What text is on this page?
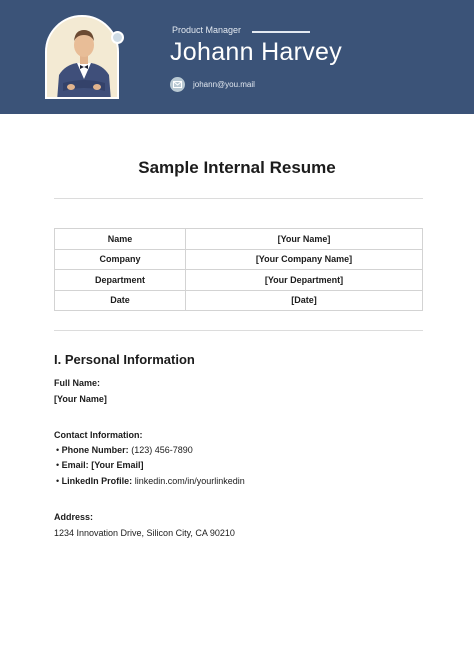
Product Manager
Johann Harvey
johann@you.mail
Sample Internal Resume
Name	[Your Name]
Company	[Your Company Name]
Department	[Your Department]
Date	[Date]
I. Personal Information
Full Name:
[Your Name]
Contact Information:
• Phone Number: (123) 456-7890
• Email: [Your Email]
• LinkedIn Profile: linkedin.com/in/yourlinkedin
Address:
1234 Innovation Drive, Silicon City, CA 90210
